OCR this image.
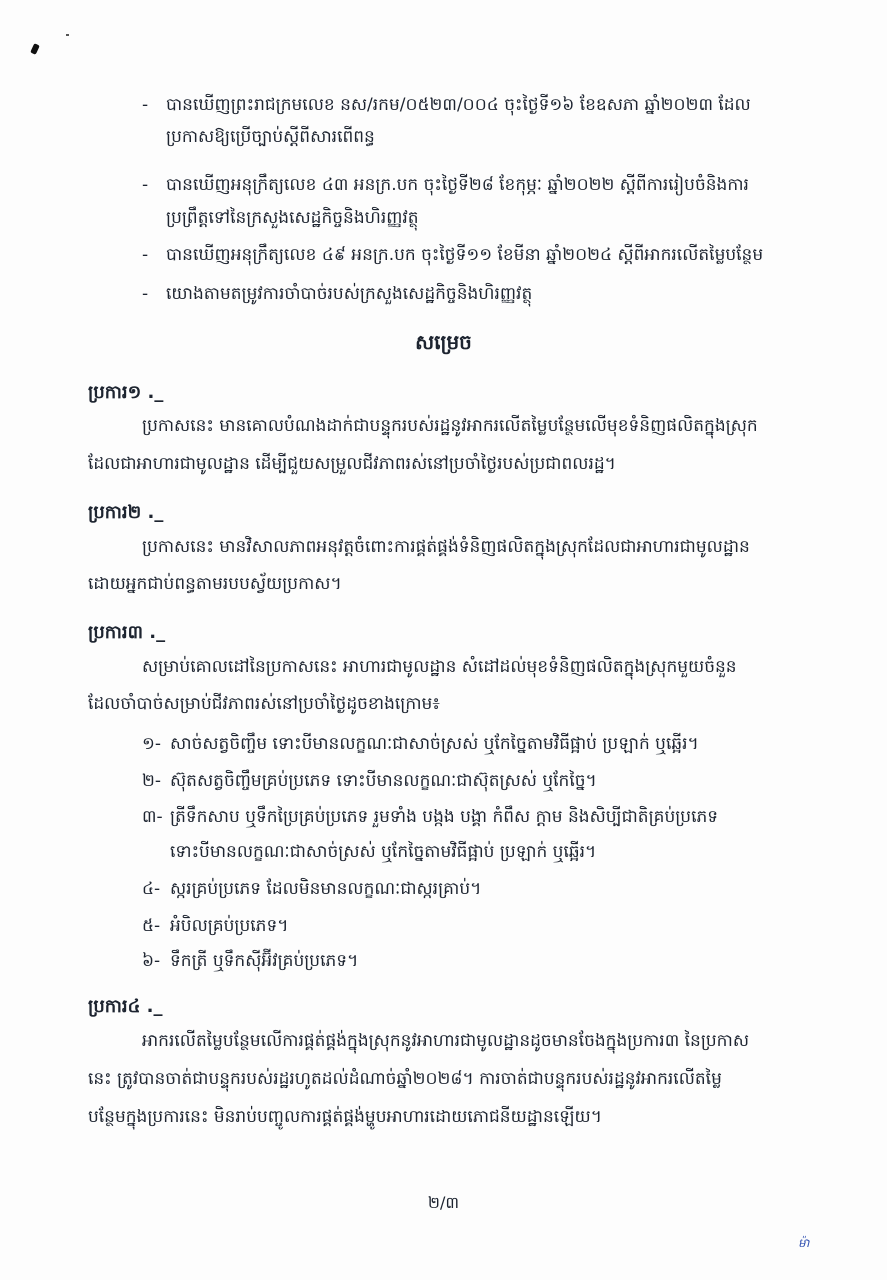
- បានឃើញព្រះរាជក្រមលេខ នស/រកម/០៥២៣/០០៤ ចុះថ្ងៃទី១៦ ខែឧសភា ឆ្នាំ២០២៣ ដែល
ប្រកាសឱ្យប្រើច្បាប់ស្តីពីសារពើពន្ធ
- បានឃើញអនុក្រឹត្យលេខ ៤៣ អនក្រ.បក ចុះថ្ងៃទី២៨ ខែកុម្ភៈ ឆ្នាំ២០២២ ស្តីពីការរៀបចំនិងការ
ប្រព្រឹត្តទៅនៃក្រសួងសេដ្ឋកិច្ចនិងហិរញ្ញវត្ថុ
- បានឃើញអនុក្រឹត្យលេខ ៤៩ អនក្រ.បក ចុះថ្ងៃទី១១ ខែមីនា ឆ្នាំ២០២៤ ស្តីពីអាករលើតម្លៃបន្ថែម
- យោងតាមតម្រូវការចាំបាច់របស់ក្រសួងសេដ្ឋកិច្ចនិងហិរញ្ញវត្ថុ
សម្រេច
ប្រការ១ ._
ប្រកាសនេះ មានគោលបំណងដាក់ជាបន្ទុករបស់រដ្ឋនូវអាករលើតម្លៃបន្ថែមលើមុខទំនិញផលិតក្នុងស្រុក
ដែលជាអាហារជាមូលដ្ឋាន ដើម្បីជួយសម្រួលជីវភាពរស់នៅប្រចាំថ្ងៃរបស់ប្រជាពលរដ្ឋ។
ប្រការ២ ._
ប្រកាសនេះ មានវិសាលភាពអនុវត្តចំពោះការផ្គត់ផ្គង់ទំនិញផលិតក្នុងស្រុកដែលជាអាហារជាមូលដ្ឋាន
ដោយអ្នកជាប់ពន្ធតាមរបបស្វ័យប្រកាស។
ប្រការ៣ ._
សម្រាប់គោលដៅនៃប្រកាសនេះ អាហារជាមូលដ្ឋាន សំដៅដល់មុខទំនិញផលិតក្នុងស្រុកមួយចំនួន
ដែលចាំបាច់សម្រាប់ជីវភាពរស់នៅប្រចាំថ្ងៃដូចខាងក្រោម៖
១- សាច់សត្វចិញ្ចឹម ទោះបីមានលក្ខណៈជាសាច់ស្រស់ ឬកែច្នៃតាមវិធីផ្អាប់ ប្រឡាក់ ឬឆ្អើរ។
២- ស៊ុតសត្វចិញ្ចឹមគ្រប់ប្រភេទ ទោះបីមានលក្ខណៈជាស៊ុតស្រស់ ឬកែច្នៃ។
៣- ត្រីទឹកសាប ឬទឹកប្រៃគ្រប់ប្រភេទ រួមទាំង បង្កង បង្គា កំពឹស ក្ដាម និងសិប្បីជាតិគ្រប់ប្រភេទ
ទោះបីមានលក្ខណៈជាសាច់ស្រស់ ឬកែច្នៃតាមវិធីផ្អាប់ ប្រឡាក់ ឬឆ្អើរ។
៤- ស្ករគ្រប់ប្រភេទ ដែលមិនមានលក្ខណៈជាស្ករគ្រាប់។
៥- អំបិលគ្រប់ប្រភេទ។
៦- ទឹកត្រី ឬទឹកស៊ីអ៊ីវគ្រប់ប្រភេទ។
ប្រការ៤ ._
អាករលើតម្លៃបន្ថែមលើការផ្គត់ផ្គង់ក្នុងស្រុកនូវអាហារជាមូលដ្ឋានដូចមានចែងក្នុងប្រការ៣ នៃប្រកាស
នេះ ត្រូវបានចាត់ជាបន្ទុករបស់រដ្ឋរហូតដល់ដំណាច់ឆ្នាំ២០២៨។ ការចាត់ជាបន្ទុករបស់រដ្ឋនូវអាករលើតម្លៃ
បន្ថែមក្នុងប្រការនេះ មិនរាប់បញ្ចូលការផ្គត់ផ្គង់ម្ហូបអាហារដោយភោជនីយដ្ឋានឡើយ។
២/៣
ម៉ា
